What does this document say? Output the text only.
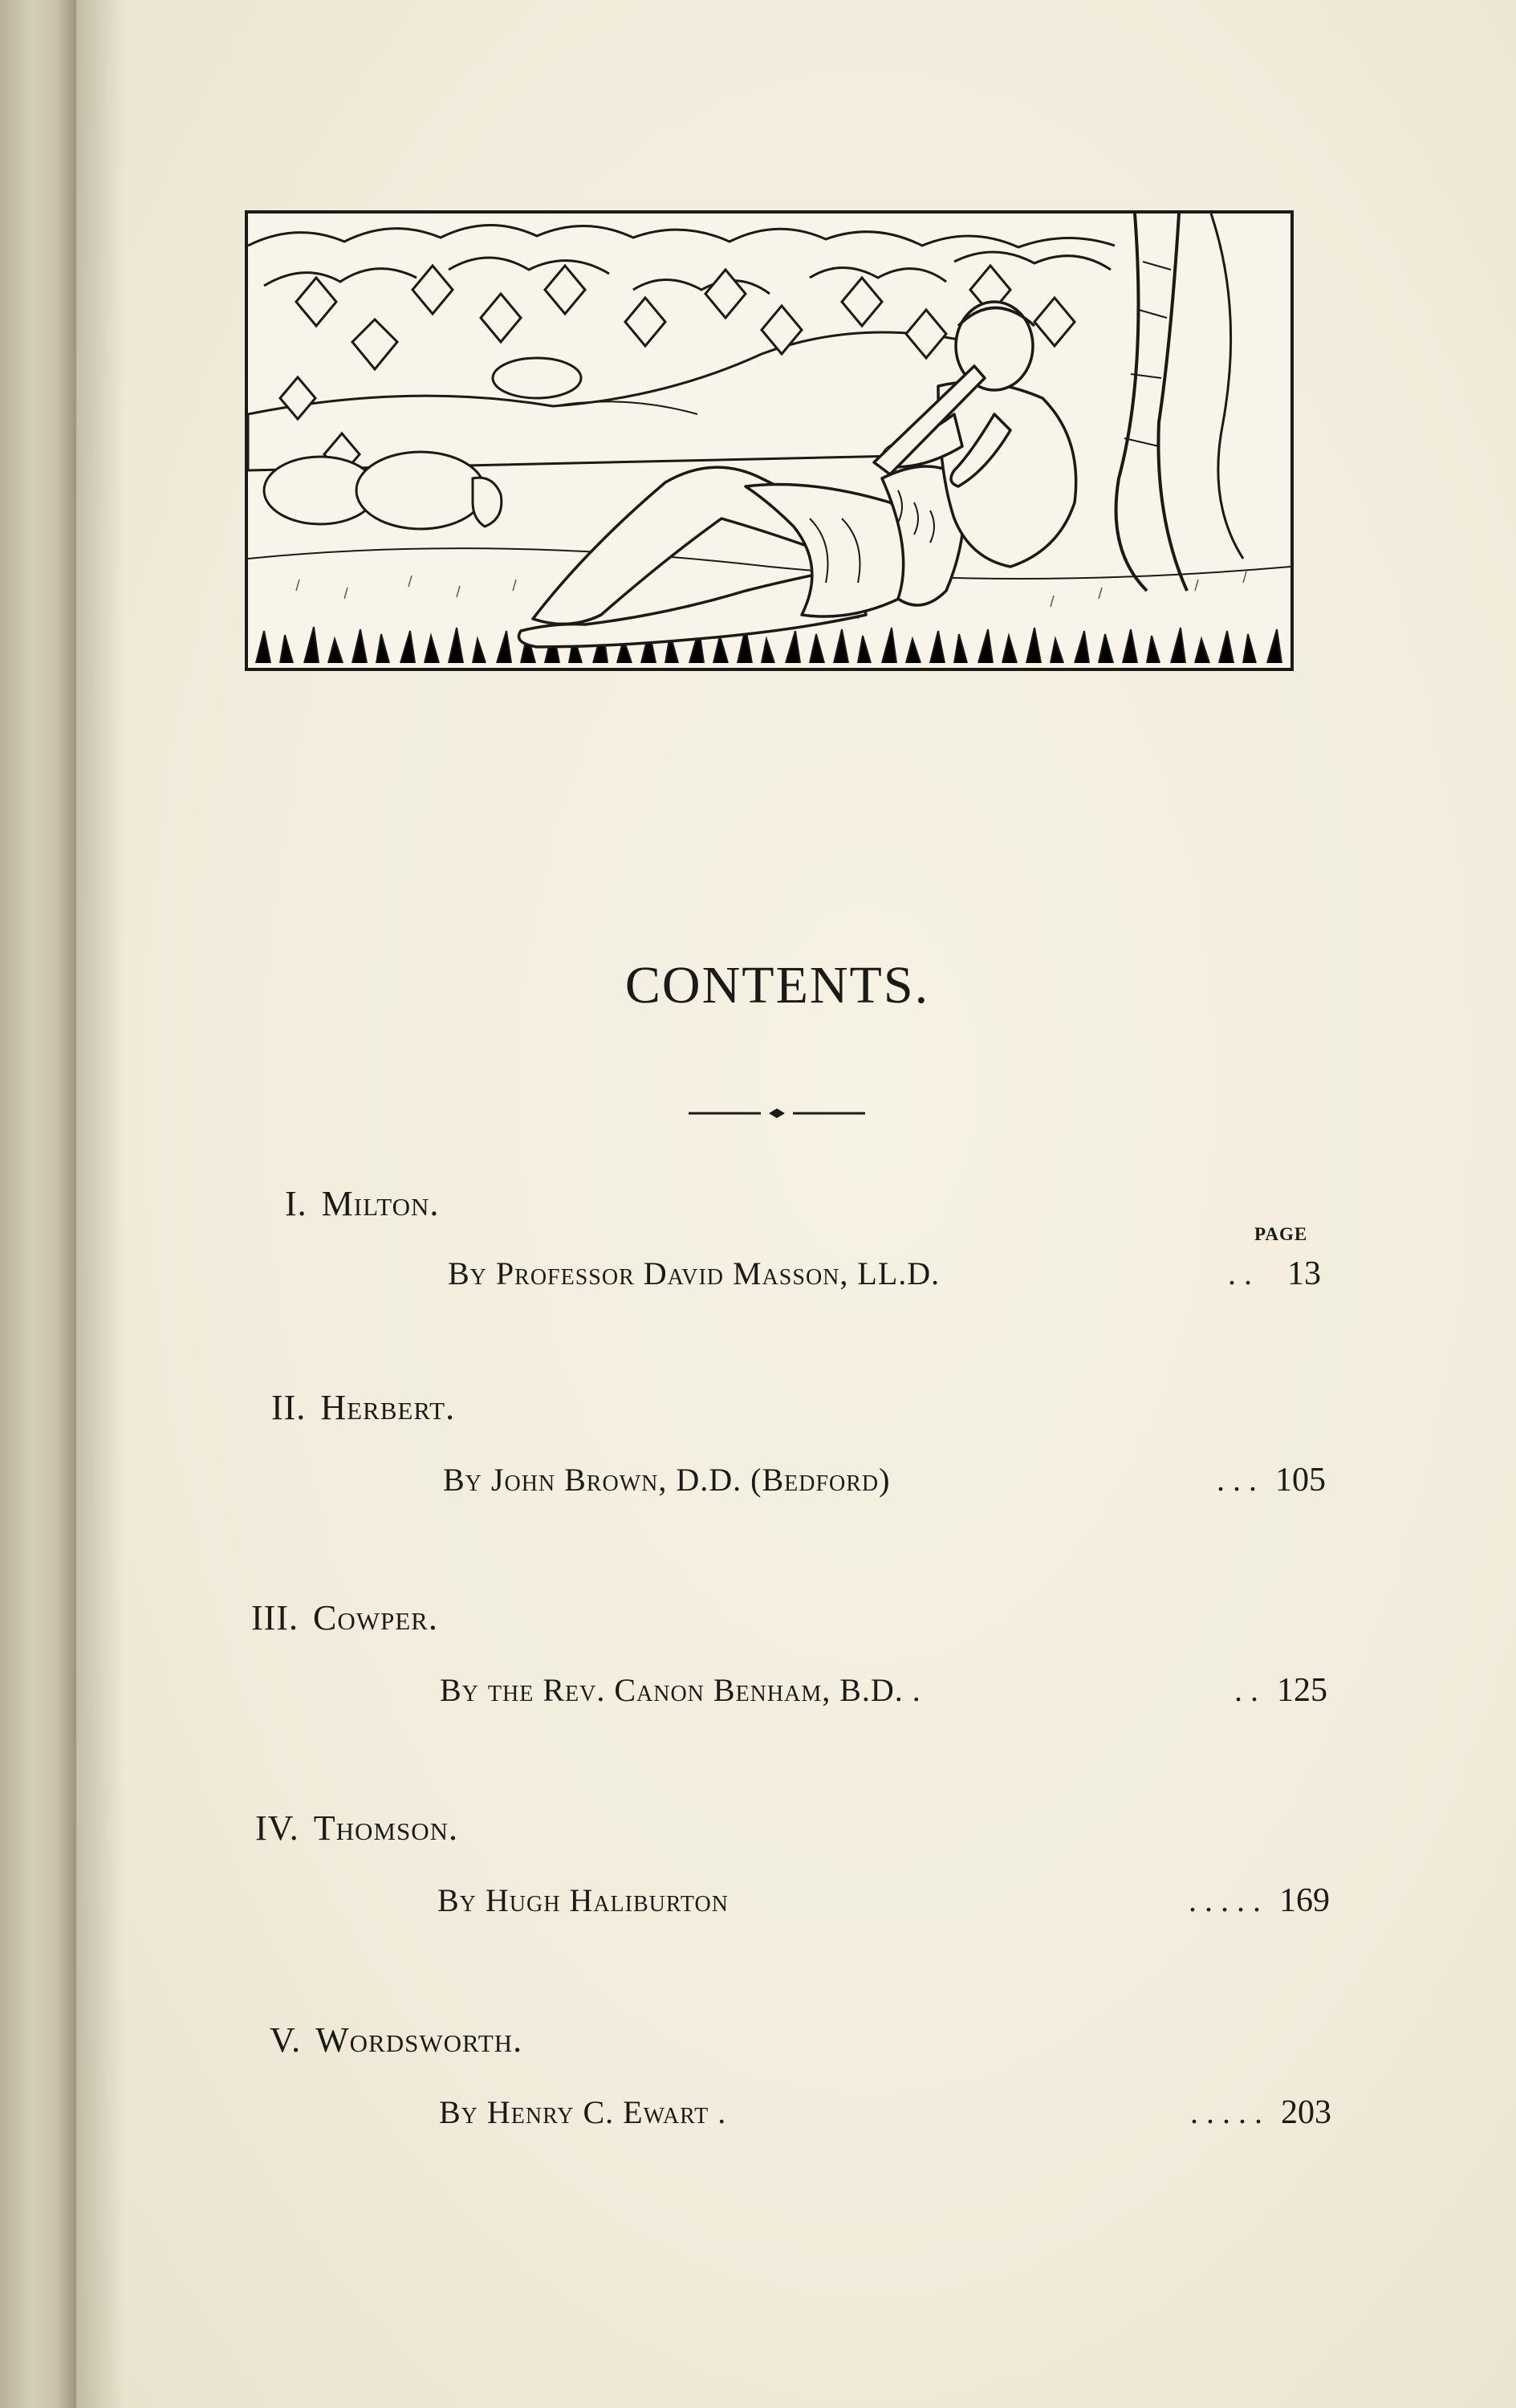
CONTENTS.
PAGE
I. Milton.
By Professor David Masson, LL.D.	. .	13
II. Herbert.
By John Brown, D.D. (Bedford)	. . . 105
III. Cowper.
By the Rev. Canon Benham, B.D. .	. . 125
IV. Thomson.
By Hugh Haliburton	. . . . . 169
V. Wordsworth.
By Henry C. Ewart .	. . . . . 203
